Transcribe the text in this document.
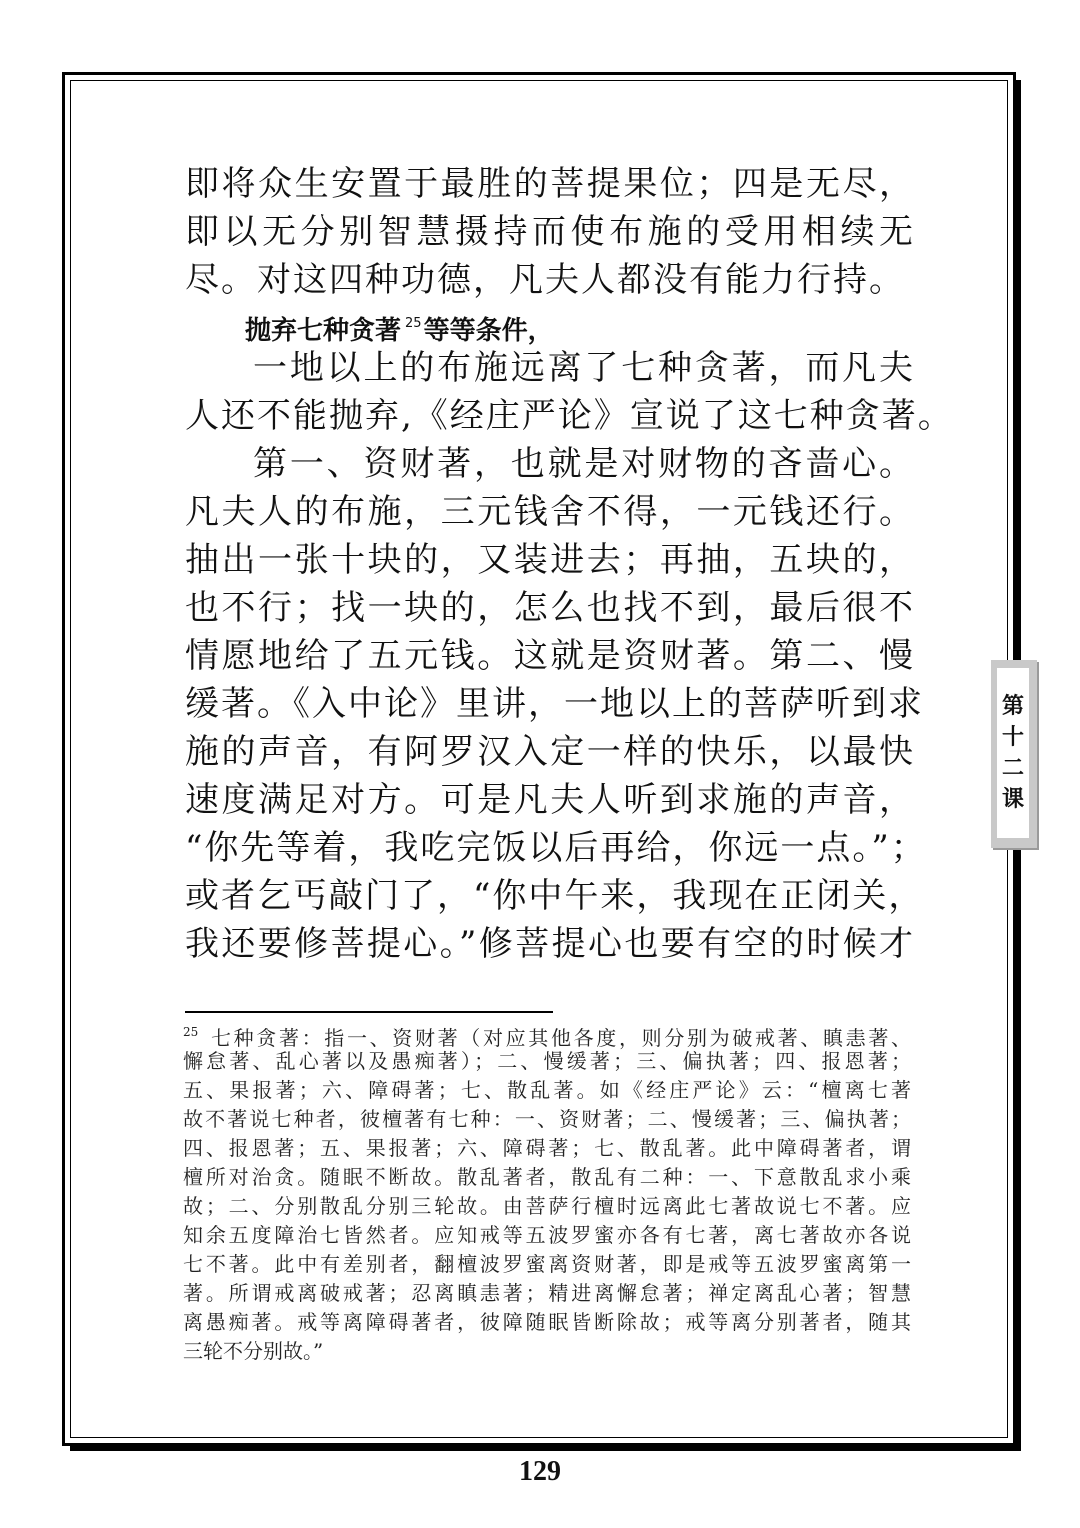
即将众生安置于最胜的菩提果位；四是无尽，
即以无分别智慧摄持而使布施的受用相续无
尽。对这四种功德，凡夫人都没有能力行持。
抛弃七种贪著 $^{25}$等等条件，
一地以上的布施远离了七种贪著，而凡夫
人还不能抛弃,《经庄严论》宣说了这七种贪著。
第一、资财著，也就是对财物的吝啬心。
凡夫人的布施，三元钱舍不得，一元钱还行。
抽出一张十块的，又装进去；再抽，五块的，
也不行；找一块的，怎么也找不到，最后很不
情愿地给了五元钱。这就是资财著。第二、慢
缓著。《入中论》里讲，一地以上的菩萨听到求
施的声音，有阿罗汉入定一样的快乐，以最快
速度满足对方。可是凡夫人听到求施的声音，
“你先等着，我吃完饭以后再给，你远一点。”；
或者乞丐敲门了，“你中午来，我现在正闭关，
我还要修菩提心。”修菩提心也要有空的时候才
$^{25}$ 七种贪著：指一、资财著（对应其他各度，则分别为破戒著、瞋恚著、
懈怠著、乱心著以及愚痴著）；二、慢缓著；三、偏执著；四、报恩著；
五、果报著；六、障碍著；七、散乱著。如《经庄严论》云：“檀离七著
故不著说七种者，彼檀著有七种：一、资财著；二、慢缓著；三、偏执著；
四、报恩著；五、果报著；六、障碍著；七、散乱著。此中障碍著者，谓
檀所对治贪。随眠不断故。散乱著者，散乱有二种：一、下意散乱求小乘
故；二、分别散乱分别三轮故。由菩萨行檀时远离此七著故说七不著。应
知余五度障治七皆然者。应知戒等五波罗蜜亦各有七著，离七著故亦各说
七不著。此中有差别者，翻檀波罗蜜离资财著，即是戒等五波罗蜜离第一
著。所谓戒离破戒著；忍离瞋恚著；精进离懈怠著；禅定离乱心著；智慧
离愚痴著。戒等离障碍著者，彼障随眠皆断除故；戒等离分别著者，随其
三轮不分别故。”
第
十
二
课
129
